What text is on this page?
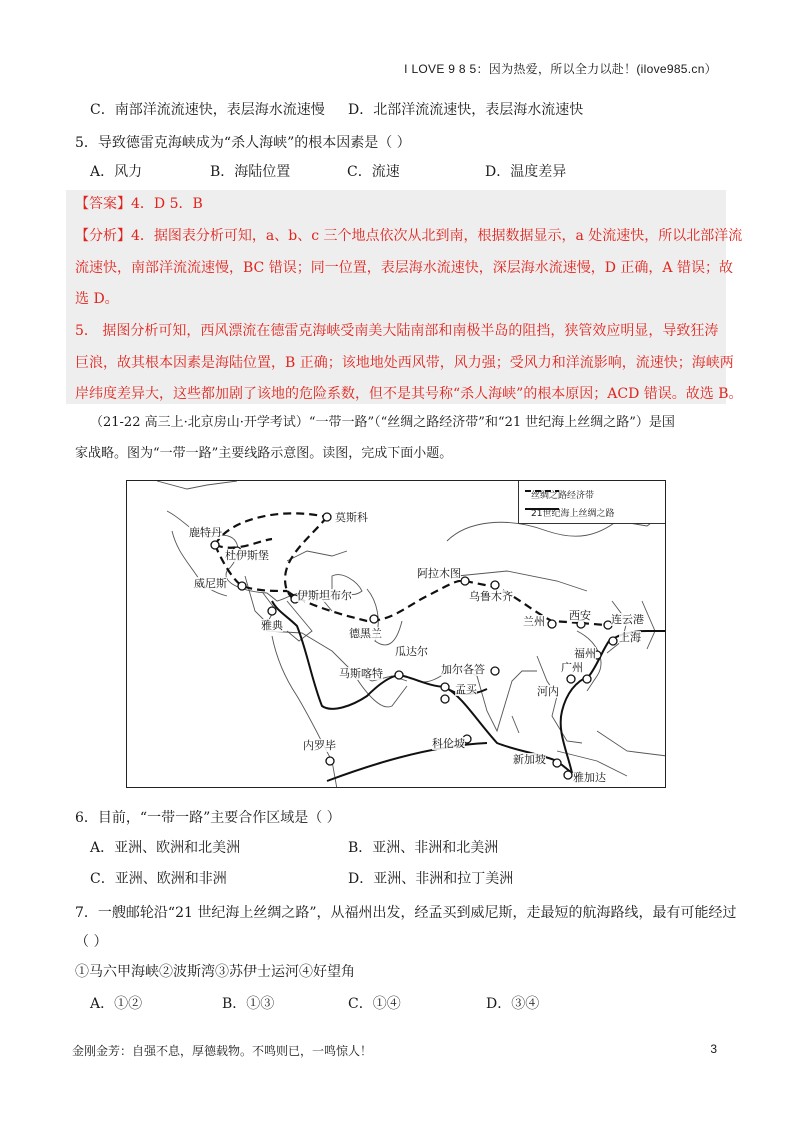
I LOVE 9 8 5：因为热爱，所以全力以赴！(ilove985.cn）
C．南部洋流流速快，表层海水流速慢 D．北部洋流流速快，表层海水流速快
5．导致德雷克海峡成为“杀人海峡”的根本因素是（ ）
A．风力	B．海陆位置	C．流速	D．温度差异
【答案】4．D 5．B
【分析】4．据图表分析可知，a、b、c 三个地点依次从北到南，根据数据显示，a 处流速快，所以北部洋流
流速快，南部洋流流速慢，BC 错误；同一位置，表层海水流速快，深层海水流速慢，D 正确，A 错误；故
选 D。
5． 据图分析可知，西风漂流在德雷克海峡受南美大陆南部和南极半岛的阻挡，狭管效应明显，导致狂涛
巨浪，故其根本因素是海陆位置，B 正确；该地地处西风带，风力强；受风力和洋流影响，流速快；海峡两
岸纬度差异大，这些都加剧了该地的危险系数，但不是其号称“杀人海峡”的根本原因；ACD 错误。故选 B。
（21-22 高三上·北京房山·开学考试）“一带一路”（“丝绸之路经济带”和“21 世纪海上丝绸之路”）是国
家战略。图为“一带一路”主要线路示意图。读图，完成下面小题。
丝绸之路经济带
21世纪海上丝绸之路
莫斯科
鹿特丹
杜伊斯堡
威尼斯
伊斯坦布尔
雅典
德黑兰
阿拉木图
乌鲁木齐
兰州 西安 连云港
上海
福州
广州
河内
马斯喀特
瓜达尔
加尔各答
孟买
科伦坡
内罗毕
新加坡
雅加达
6．目前，“一带一路”主要合作区域是（ ）
A．亚洲、欧洲和北美洲	B．亚洲、非洲和北美洲
C．亚洲、欧洲和非洲	D．亚洲、非洲和拉丁美洲
7．一艘邮轮沿“21 世纪海上丝绸之路”，从福州出发，经孟买到威尼斯，走最短的航海路线，最有可能经过
（ ）
①马六甲海峡②波斯湾③苏伊士运河④好望角
A．①②	B．①③	C．①④	D．③④
金刚金芳：自强不息，厚德载物。不鸣则已，一鸣惊人！	3
